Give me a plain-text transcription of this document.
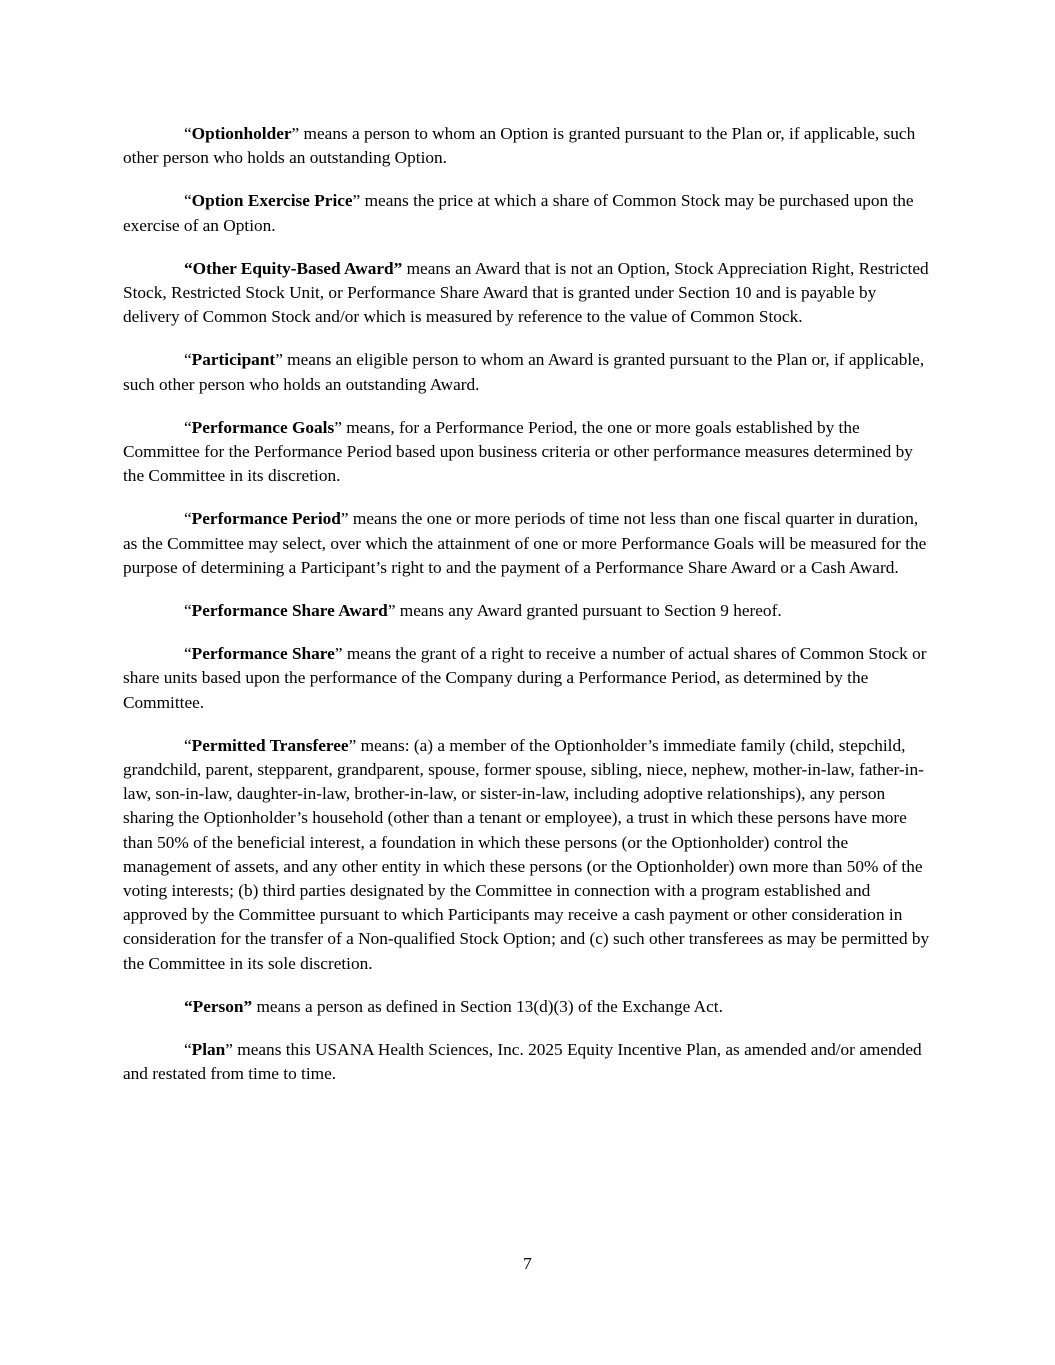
“Optionholder” means a person to whom an Option is granted pursuant to the Plan or, if applicable, such other person who holds an outstanding Option.

“Option Exercise Price” means the price at which a share of Common Stock may be purchased upon the exercise of an Option.

“Other Equity-Based Award” means an Award that is not an Option, Stock Appreciation Right, Restricted Stock, Restricted Stock Unit, or Performance Share Award that is granted under Section 10 and is payable by delivery of Common Stock and/or which is measured by reference to the value of Common Stock.

“Participant” means an eligible person to whom an Award is granted pursuant to the Plan or, if applicable, such other person who holds an outstanding Award.

“Performance Goals” means, for a Performance Period, the one or more goals established by the Committee for the Performance Period based upon business criteria or other performance measures determined by the Committee in its discretion.

“Performance Period” means the one or more periods of time not less than one fiscal quarter in duration, as the Committee may select, over which the attainment of one or more Performance Goals will be measured for the purpose of determining a Participant’s right to and the payment of a Performance Share Award or a Cash Award.

“Performance Share Award” means any Award granted pursuant to Section 9 hereof.

“Performance Share” means the grant of a right to receive a number of actual shares of Common Stock or share units based upon the performance of the Company during a Performance Period, as determined by the Committee.

“Permitted Transferee” means: (a) a member of the Optionholder’s immediate family (child, stepchild, grandchild, parent, stepparent, grandparent, spouse, former spouse, sibling, niece, nephew, mother-in-law, father-in-law, son-in-law, daughter-in-law, brother-in-law, or sister-in-law, including adoptive relationships), any person sharing the Optionholder’s household (other than a tenant or employee), a trust in which these persons have more than 50% of the beneficial interest, a foundation in which these persons (or the Optionholder) control the management of assets, and any other entity in which these persons (or the Optionholder) own more than 50% of the voting interests; (b) third parties designated by the Committee in connection with a program established and approved by the Committee pursuant to which Participants may receive a cash payment or other consideration in consideration for the transfer of a Non-qualified Stock Option; and (c) such other transferees as may be permitted by the Committee in its sole discretion.

“Person” means a person as defined in Section 13(d)(3) of the Exchange Act.

“Plan” means this USANA Health Sciences, Inc. 2025 Equity Incentive Plan, as amended and/or amended and restated from time to time.

7
